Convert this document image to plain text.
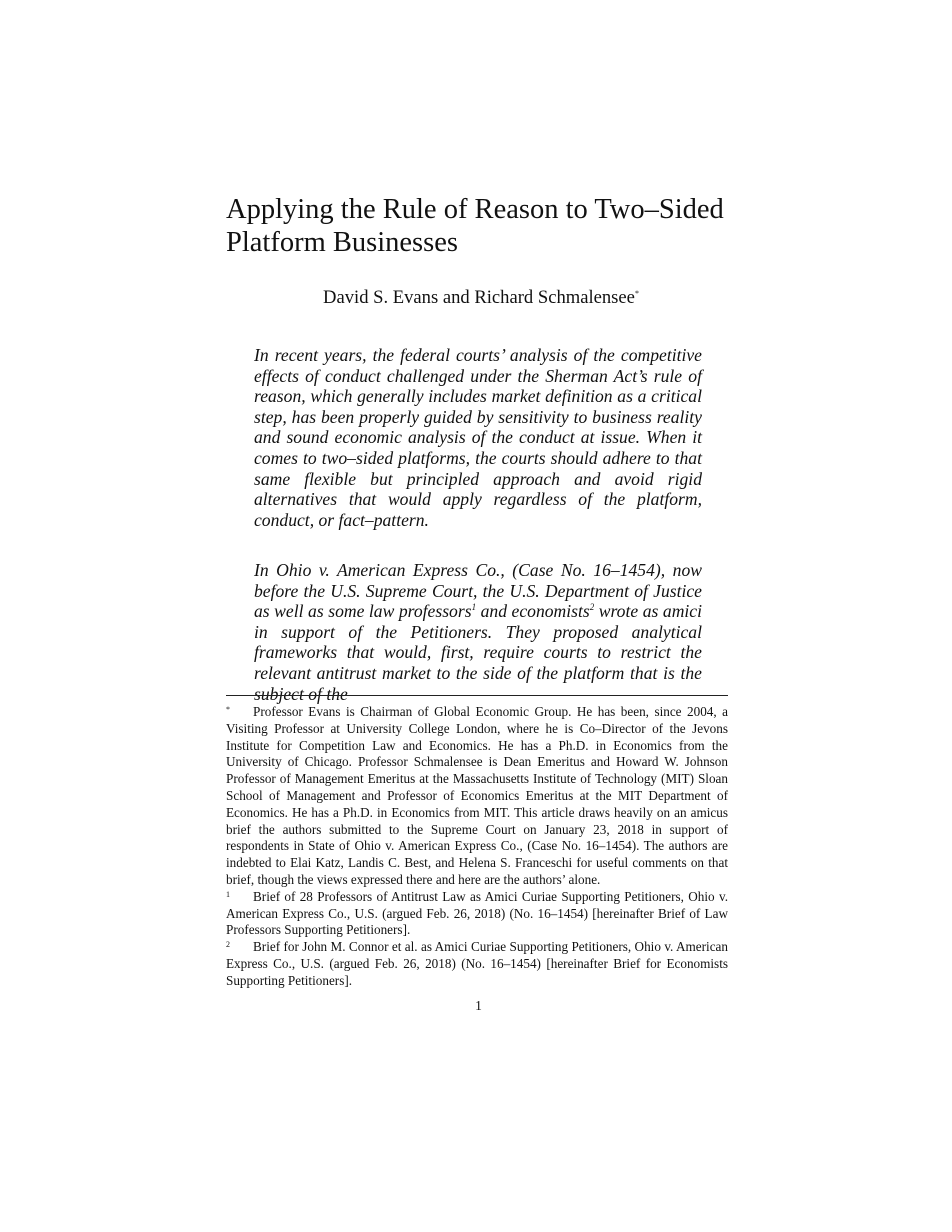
Applying the Rule of Reason to Two–Sided Platform Businesses

David S. Evans and Richard Schmalensee*

In recent years, the federal courts’ analysis of the competitive effects of conduct challenged under the Sherman Act’s rule of reason, which generally includes market definition as a critical step, has been properly guided by sensitivity to business reality and sound economic analysis of the conduct at issue. When it comes to two–sided platforms, the courts should adhere to that same flexible but principled approach and avoid rigid alternatives that would apply regardless of the platform, conduct, or fact–pattern.

In Ohio v. American Express Co., (Case No. 16–1454), now before the U.S. Supreme Court, the U.S. Department of Justice as well as some law professors$^1$ and economists$^2$ wrote as amici in support of the Petitioners. They proposed analytical frameworks that would, first, require courts to restrict the relevant antitrust market to the side of the platform that is the subject of the

* Professor Evans is Chairman of Global Economic Group. He has been, since 2004, a Visiting Professor at University College London, where he is Co–Director of the Jevons Institute for Competition Law and Economics. He has a Ph.D. in Economics from the University of Chicago. Professor Schmalensee is Dean Emeritus and Howard W. Johnson Professor of Management Emeritus at the Massachusetts Institute of Technology (MIT) Sloan School of Management and Professor of Economics Emeritus at the MIT Department of Economics. He has a Ph.D. in Economics from MIT. This article draws heavily on an amicus brief the authors submitted to the Supreme Court on January 23, 2018 in support of respondents in State of Ohio v. American Express Co., (Case No. 16–1454). The authors are indebted to Elai Katz, Landis C. Best, and Helena S. Franceschi for useful comments on that brief, though the views expressed there and here are the authors’ alone.

1 Brief of 28 Professors of Antitrust Law as Amici Curiae Supporting Petitioners, Ohio v. American Express Co., U.S. (argued Feb. 26, 2018) (No. 16–1454) [hereinafter Brief of Law Professors Supporting Petitioners].

2 Brief for John M. Connor et al. as Amici Curiae Supporting Petitioners, Ohio v. American Express Co., U.S. (argued Feb. 26, 2018) (No. 16–1454) [hereinafter Brief for Economists Supporting Petitioners].

1
